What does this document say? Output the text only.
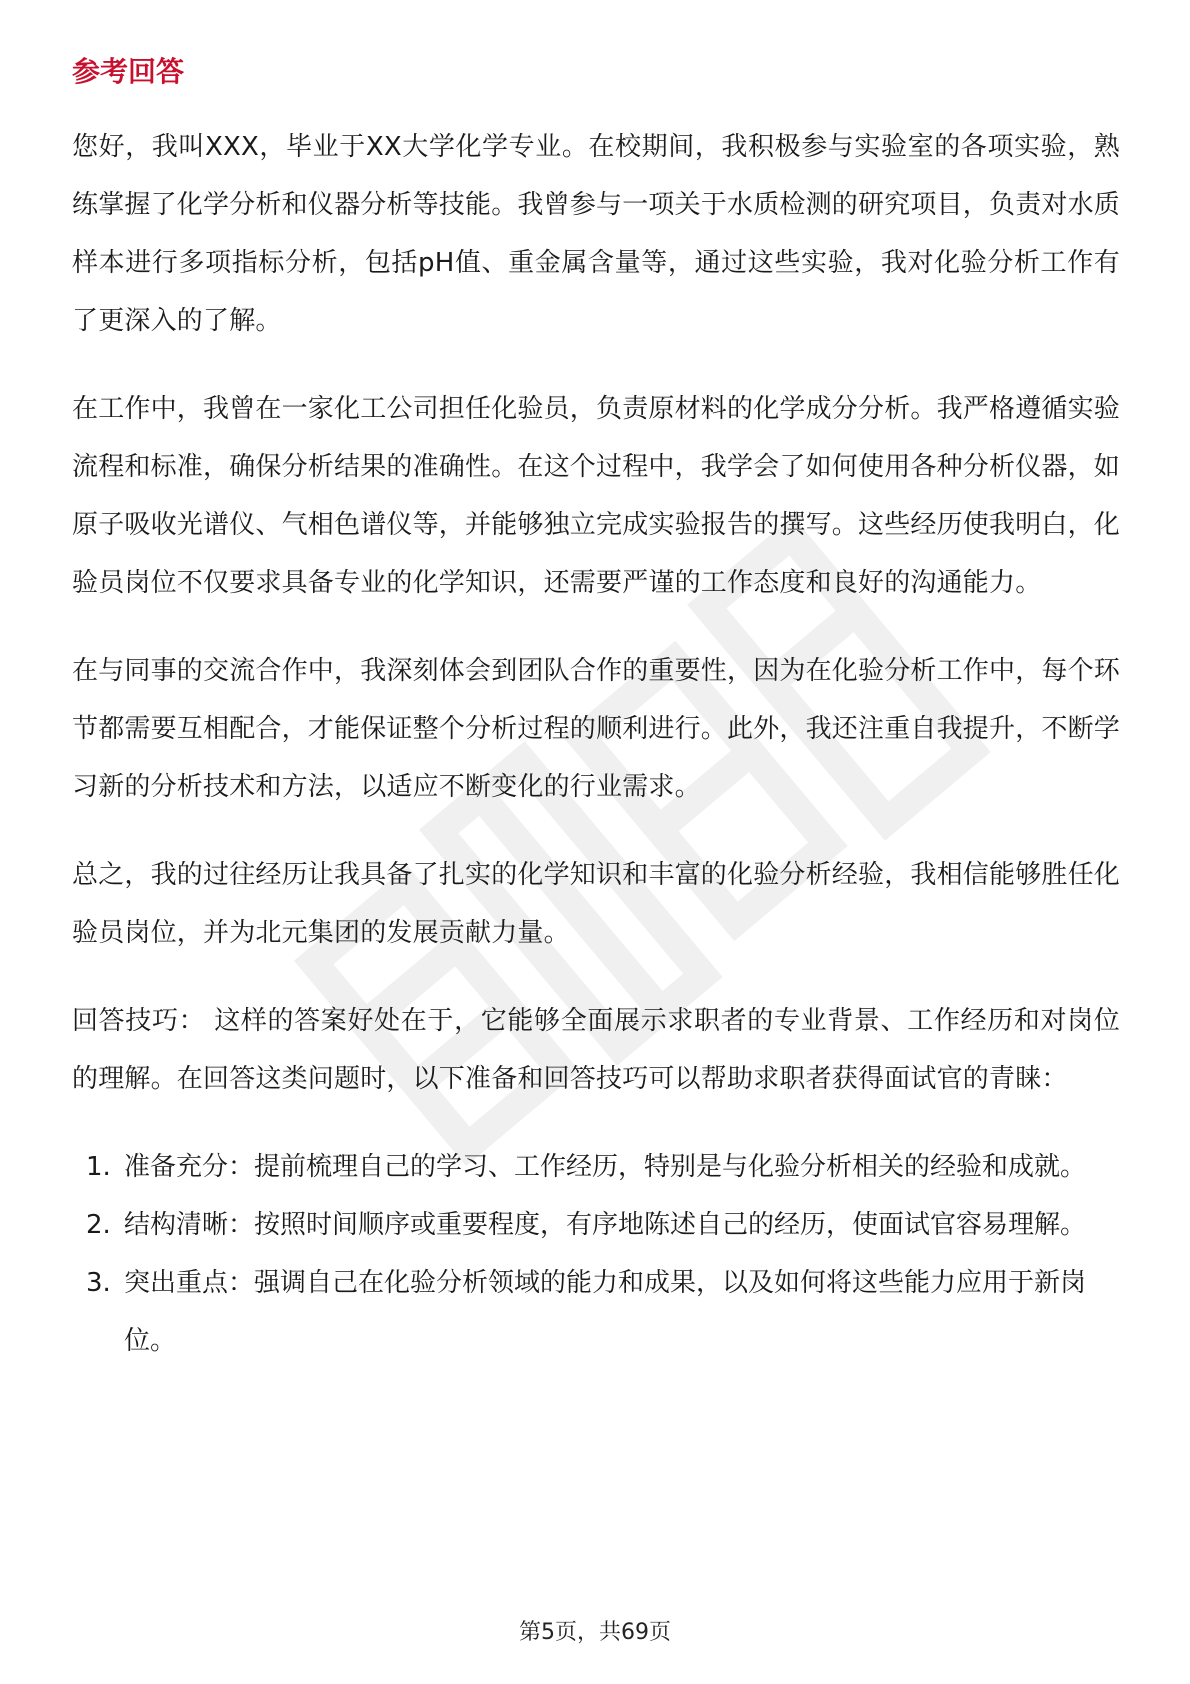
参考回答

您好，我叫XXX，毕业于XX大学化学专业。在校期间，我积极参与实验室的各项实验，熟练掌握了化学分析和仪器分析等技能。我曾参与一项关于水质检测的研究项目，负责对水质样本进行多项指标分析，包括pH值、重金属含量等，通过这些实验，我对化验分析工作有了更深入的了解。

在工作中，我曾在一家化工公司担任化验员，负责原材料的化学成分分析。我严格遵循实验流程和标准，确保分析结果的准确性。在这个过程中，我学会了如何使用各种分析仪器，如原子吸收光谱仪、气相色谱仪等，并能够独立完成实验报告的撰写。这些经历使我明白，化验员岗位不仅要求具备专业的化学知识，还需要严谨的工作态度和良好的沟通能力。

在与同事的交流合作中，我深刻体会到团队合作的重要性，因为在化验分析工作中，每个环节都需要互相配合，才能保证整个分析过程的顺利进行。此外，我还注重自我提升，不断学习新的分析技术和方法，以适应不断变化的行业需求。

总之，我的过往经历让我具备了扎实的化学知识和丰富的化验分析经验，我相信能够胜任化验员岗位，并为北元集团的发展贡献力量。

回答技巧： 这样的答案好处在于，它能够全面展示求职者的专业背景、工作经历和对岗位的理解。在回答这类问题时，以下准备和回答技巧可以帮助求职者获得面试官的青睐：

1. 准备充分：提前梳理自己的学习、工作经历，特别是与化验分析相关的经验和成就。
2. 结构清晰：按照时间顺序或重要程度，有序地陈述自己的经历，使面试官容易理解。
3. 突出重点：强调自己在化验分析领域的能力和成果，以及如何将这些能力应用于新岗位。
第5页，共69页
